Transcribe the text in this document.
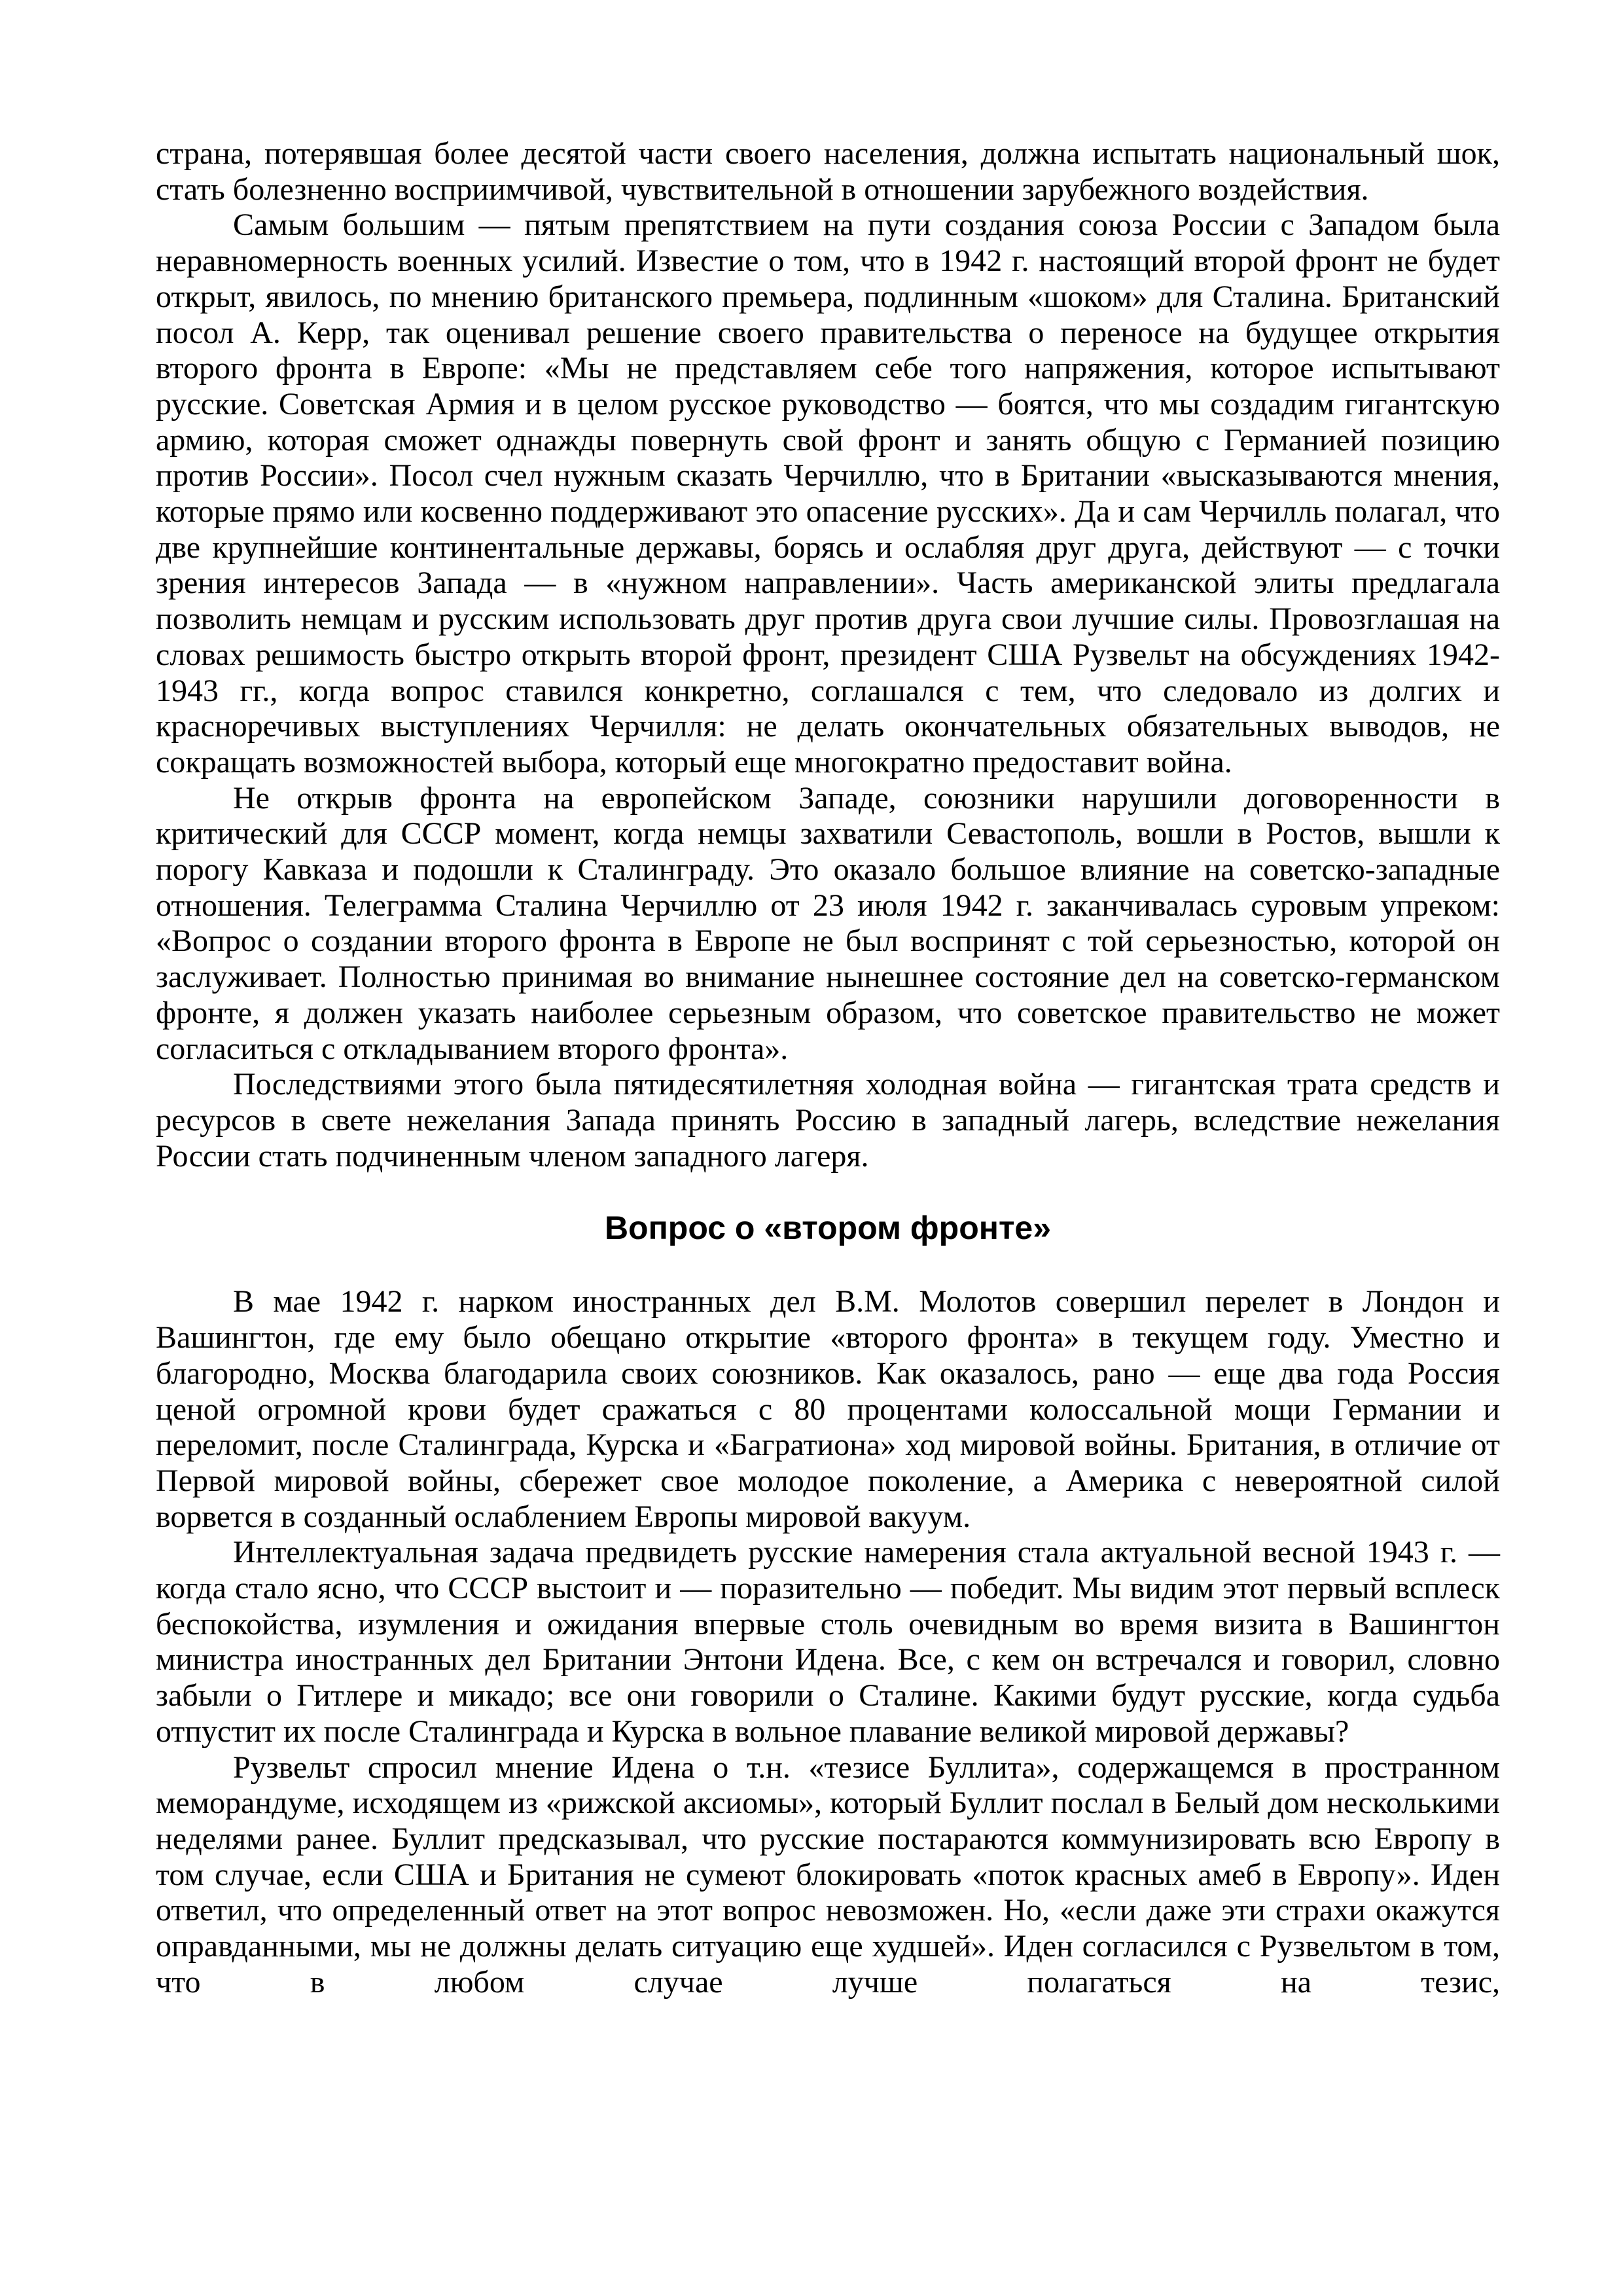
страна, потерявшая более десятой части своего населения, должна испытать национальный шок, стать болезненно восприимчивой, чувствительной в отношении зарубежного воздействия.

Самым большим — пятым препятствием на пути создания союза России с Западом была неравномерность военных усилий. Известие о том, что в 1942 г. настоящий второй фронт не будет открыт, явилось, по мнению британского премьера, подлинным «шоком» для Сталина. Британский посол А. Керр, так оценивал решение своего правительства о переносе на будущее открытия второго фронта в Европе: «Мы не представляем себе того напряжения, которое испытывают русские. Советская Армия и в целом русское руководство — боятся, что мы создадим гигантскую армию, которая сможет однажды повернуть свой фронт и занять общую с Германией позицию против России». Посол счел нужным сказать Черчиллю, что в Британии «высказываются мнения, которые прямо или косвенно поддерживают это опасение русских». Да и сам Черчилль полагал, что две крупнейшие континентальные державы, борясь и ослабляя друг друга, действуют — с точки зрения интересов Запада — в «нужном направлении». Часть американской элиты предлагала позволить немцам и русским использовать друг против друга свои лучшие силы. Провозглашая на словах решимость быстро открыть второй фронт, президент США Рузвельт на обсуждениях 1942-1943 гг., когда вопрос ставился конкретно, соглашался с тем, что следовало из долгих и красноречивых выступлениях Черчилля: не делать окончательных обязательных выводов, не сокращать возможностей выбора, который еще многократно предоставит война.

Не открыв фронта на европейском Западе, союзники нарушили договоренности в критический для СССР момент, когда немцы захватили Севастополь, вошли в Ростов, вышли к порогу Кавказа и подошли к Сталинграду. Это оказало большое влияние на советско-западные отношения. Телеграмма Сталина Черчиллю от 23 июля 1942 г. заканчивалась суровым упреком: «Вопрос о создании второго фронта в Европе не был воспринят с той серьезностью, которой он заслуживает. Полностью принимая во внимание нынешнее состояние дел на советско-германском фронте, я должен указать наиболее серьезным образом, что советское правительство не может согласиться с откладыванием второго фронта».

Последствиями этого была пятидесятилетняя холодная война — гигантская трата средств и ресурсов в свете нежелания Запада принять Россию в западный лагерь, вследствие нежелания России стать подчиненным членом западного лагеря.

Вопрос о «втором фронте»

В мае 1942 г. нарком иностранных дел В.М. Молотов совершил перелет в Лондон и Вашингтон, где ему было обещано открытие «второго фронта» в текущем году. Уместно и благородно, Москва благодарила своих союзников. Как оказалось, рано — еще два года Россия ценой огромной крови будет сражаться с 80 процентами колоссальной мощи Германии и переломит, после Сталинграда, Курска и «Багратиона» ход мировой войны. Британия, в отличие от Первой мировой войны, сбережет свое молодое поколение, а Америка с невероятной силой ворвется в созданный ослаблением Европы мировой вакуум.

Интеллектуальная задача предвидеть русские намерения стала актуальной весной 1943 г. — когда стало ясно, что СССР выстоит и — поразительно — победит. Мы видим этот первый всплеск беспокойства, изумления и ожидания впервые столь очевидным во время визита в Вашингтон министра иностранных дел Британии Энтони Идена. Все, с кем он встречался и говорил, словно забыли о Гитлере и микадо; все они говорили о Сталине. Какими будут русские, когда судьба отпустит их после Сталинграда и Курска в вольное плавание великой мировой державы?

Рузвельт спросил мнение Идена о т.н. «тезисе Буллита», содержащемся в пространном меморандуме, исходящем из «рижской аксиомы», который Буллит послал в Белый дом несколькими неделями ранее. Буллит предсказывал, что русские постараются коммунизировать всю Европу в том случае, если США и Британия не сумеют блокировать «поток красных амеб в Европу». Иден ответил, что определенный ответ на этот вопрос невозможен. Но, «если даже эти страхи окажутся оправданными, мы не должны делать ситуацию еще худшей». Иден согласился с Рузвельтом в том, что в любом случае лучше полагаться на тезис,
